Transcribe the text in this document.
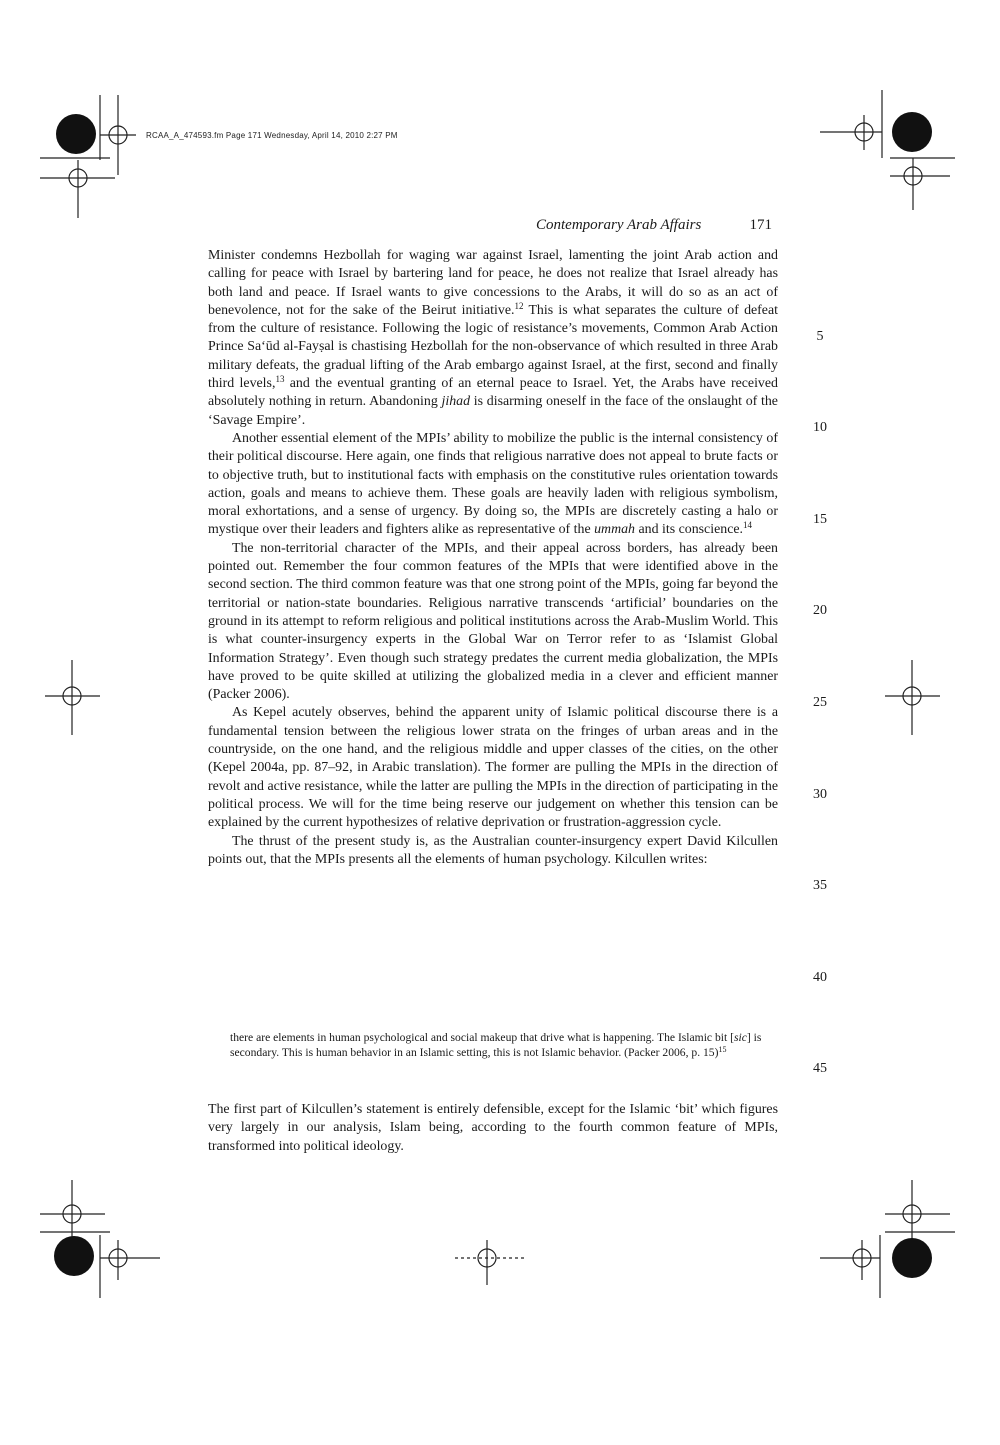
RCAA_A_474593.fm Page 171 Wednesday, April 14, 2010 2:27 PM
Contemporary Arab Affairs	171

Minister condemns Hezbollah for waging war against Israel, lamenting the joint Arab action and calling for peace with Israel by bartering land for peace, he does not realize that Israel already has both land and peace. If Israel wants to give concessions to the Arabs, it will do so as an act of benevolence, not for the sake of the Beirut initiative.$^{12}$ This is what separates the culture of defeat from the culture of resistance. Following the logic of resistance’s movements, Common Arab Action Prince Sa‘ūd al-Fayṣal is chastising Hezbollah for the non-observance of which resulted in three Arab military defeats, the gradual lifting of the Arab embargo against Israel, at the first, second and finally third levels,$^{13}$ and the eventual granting of an eternal peace to Israel. Yet, the Arabs have received absolutely nothing in return. Abandoning jihad is disarming oneself in the face of the onslaught of the ‘Savage Empire’.

Another essential element of the MPIs’ ability to mobilize the public is the internal consistency of their political discourse. Here again, one finds that religious narrative does not appeal to brute facts or to objective truth, but to institutional facts with emphasis on the constitutive rules orientation towards action, goals and means to achieve them. These goals are heavily laden with religious symbolism, moral exhortations, and a sense of urgency. By doing so, the MPIs are discretely casting a halo or mystique over their leaders and fighters alike as representative of the ummah and its conscience.$^{14}$

The non-territorial character of the MPIs, and their appeal across borders, has already been pointed out. Remember the four common features of the MPIs that were identified above in the second section. The third common feature was that one strong point of the MPIs, going far beyond the territorial or nation-state boundaries. Religious narrative transcends ‘artificial’ boundaries on the ground in its attempt to reform religious and political institutions across the Arab-Muslim World. This is what counter-insurgency experts in the Global War on Terror refer to as ‘Islamist Global Information Strategy’. Even though such strategy predates the current media globalization, the MPIs have proved to be quite skilled at utilizing the globalized media in a clever and efficient manner (Packer 2006).

As Kepel acutely observes, behind the apparent unity of Islamic political discourse there is a fundamental tension between the religious lower strata on the fringes of urban areas and in the countryside, on the one hand, and the religious middle and upper classes of the cities, on the other (Kepel 2004a, pp. 87–92, in Arabic translation). The former are pulling the MPIs in the direction of revolt and active resistance, while the latter are pulling the MPIs in the direction of participating in the political process. We will for the time being reserve our judgement on whether this tension can be explained by the current hypothesizes of relative deprivation or frustration-aggression cycle.

The thrust of the present study is, as the Australian counter-insurgency expert David Kilcullen points out, that the MPIs presents all the elements of human psychology. Kilcullen writes:

there are elements in human psychological and social makeup that drive what is happening. The Islamic bit [sic] is secondary. This is human behavior in an Islamic setting, this is not Islamic behavior. (Packer 2006, p. 15)$^{15}$
The first part of Kilcullen’s statement is entirely defensible, except for the Islamic ‘bit’ which figures very largely in our analysis, Islam being, according to the fourth common feature of MPIs, transformed into political ideology.
5
10
15
20
25
30
35
40
45
